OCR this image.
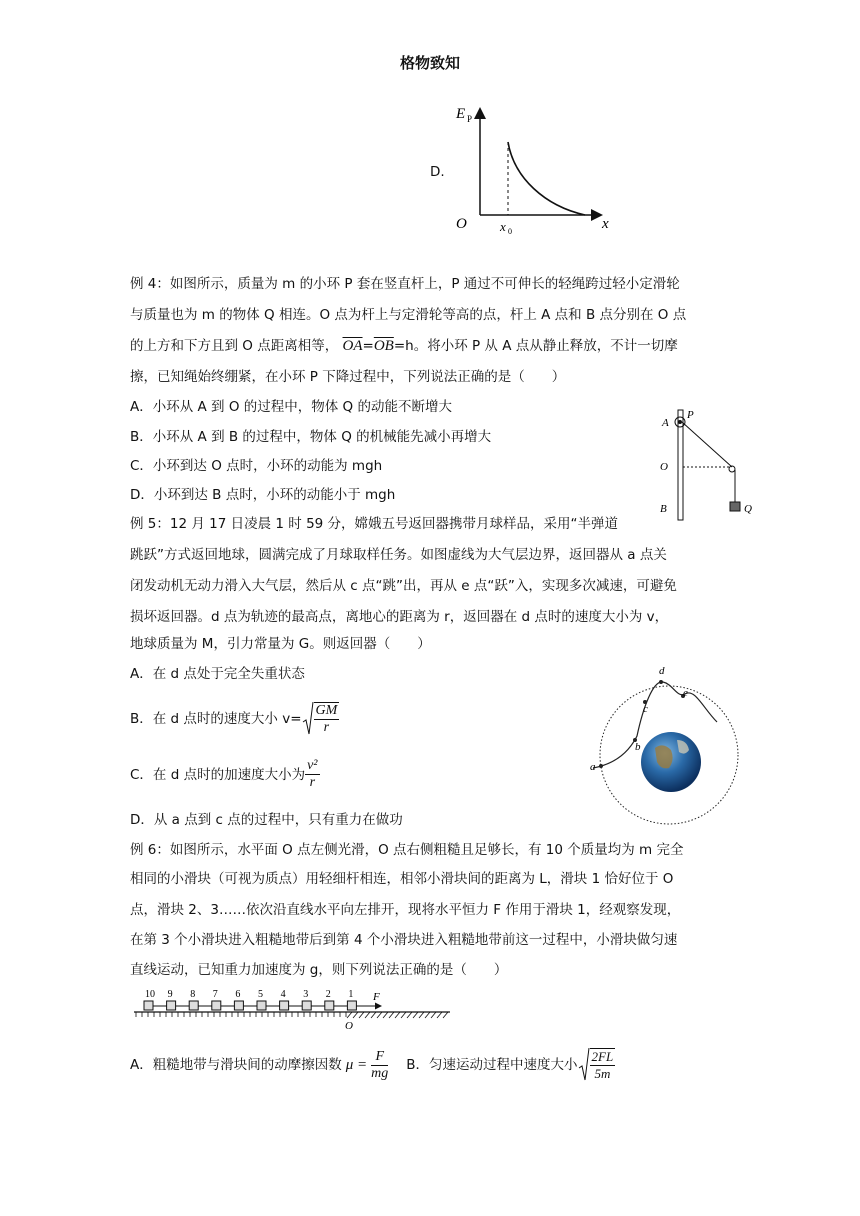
格物致知
D.
E P
O	x 0	x
例 4：如图所示，质量为 m 的小环 P 套在竖直杆上，P 通过不可伸长的轻绳跨过轻小定滑轮
与质量也为 m 的物体 Q 相连。O 点为杆上与定滑轮等高的点，杆上 A 点和 B 点分别在 O 点
的上方和下方且到 O 点距离相等， $\overline{OA}=\overline{OB}=h$。将小环 P 从 A 点从静止释放，不计一切摩
擦，已知绳始终绷紧，在小环 P 下降过程中，下列说法正确的是（　　）
A．小环从 A 到 O 的过程中，物体 Q 的动能不断增大
B．小环从 A 到 B 的过程中，物体 Q 的机械能先减小再增大
C．小环到达 O 点时，小环的动能为 mgh
D．小环到达 B 点时，小环的动能小于 mgh
A
P
O
B	Q
例 5：12 月 17 日凌晨 1 时 59 分，嫦娥五号返回器携带月球样品，采用“半弹道
跳跃”方式返回地球，圆满完成了月球取样任务。如图虚线为大气层边界，返回器从 a 点关
闭发动机无动力滑入大气层，然后从 c 点“跳”出，再从 e 点“跃”入，实现多次减速，可避免
损坏返回器。d 点为轨迹的最高点，离地心的距离为 r，返回器在 d 点时的速度大小为 v，
地球质量为 M，引力常量为 G。则返回器（　　）
A．在 d 点处于完全失重状态
B．在 d 点时的速度大小 $v= \frac{GM}{r}$
C．在 d 点时的加速度大小为 $\frac{\text{v²}}{r}$
D．从 a 点到 c 点的过程中，只有重力在做功
a
b
c
d
e
例 6：如图所示，水平面 O 点左侧光滑，O 点右侧粗糙且足够长，有 10 个质量均为 m 完全
相同的小滑块（可视为质点）用轻细杆相连，相邻小滑块间的距离为 L，滑块 1 恰好位于 O
点，滑块 2、3……依次沿直线水平向左排开，现将水平恒力 F 作用于滑块 1，经观察发现，
在第 3 个小滑块进入粗糙地带后到第 4 个小滑块进入粗糙地带前这一过程中，小滑块做匀速
直线运动，已知重力加速度为 g，则下列说法正确的是（　　）
10 9 8 7 6 5 4 3 2 1 F
O
A．粗糙地带与滑块间的动摩擦因数 $\mu = \frac{F}{mg}$ B．匀速运动过程中速度大小 $\frac{2FL}{5m}$
